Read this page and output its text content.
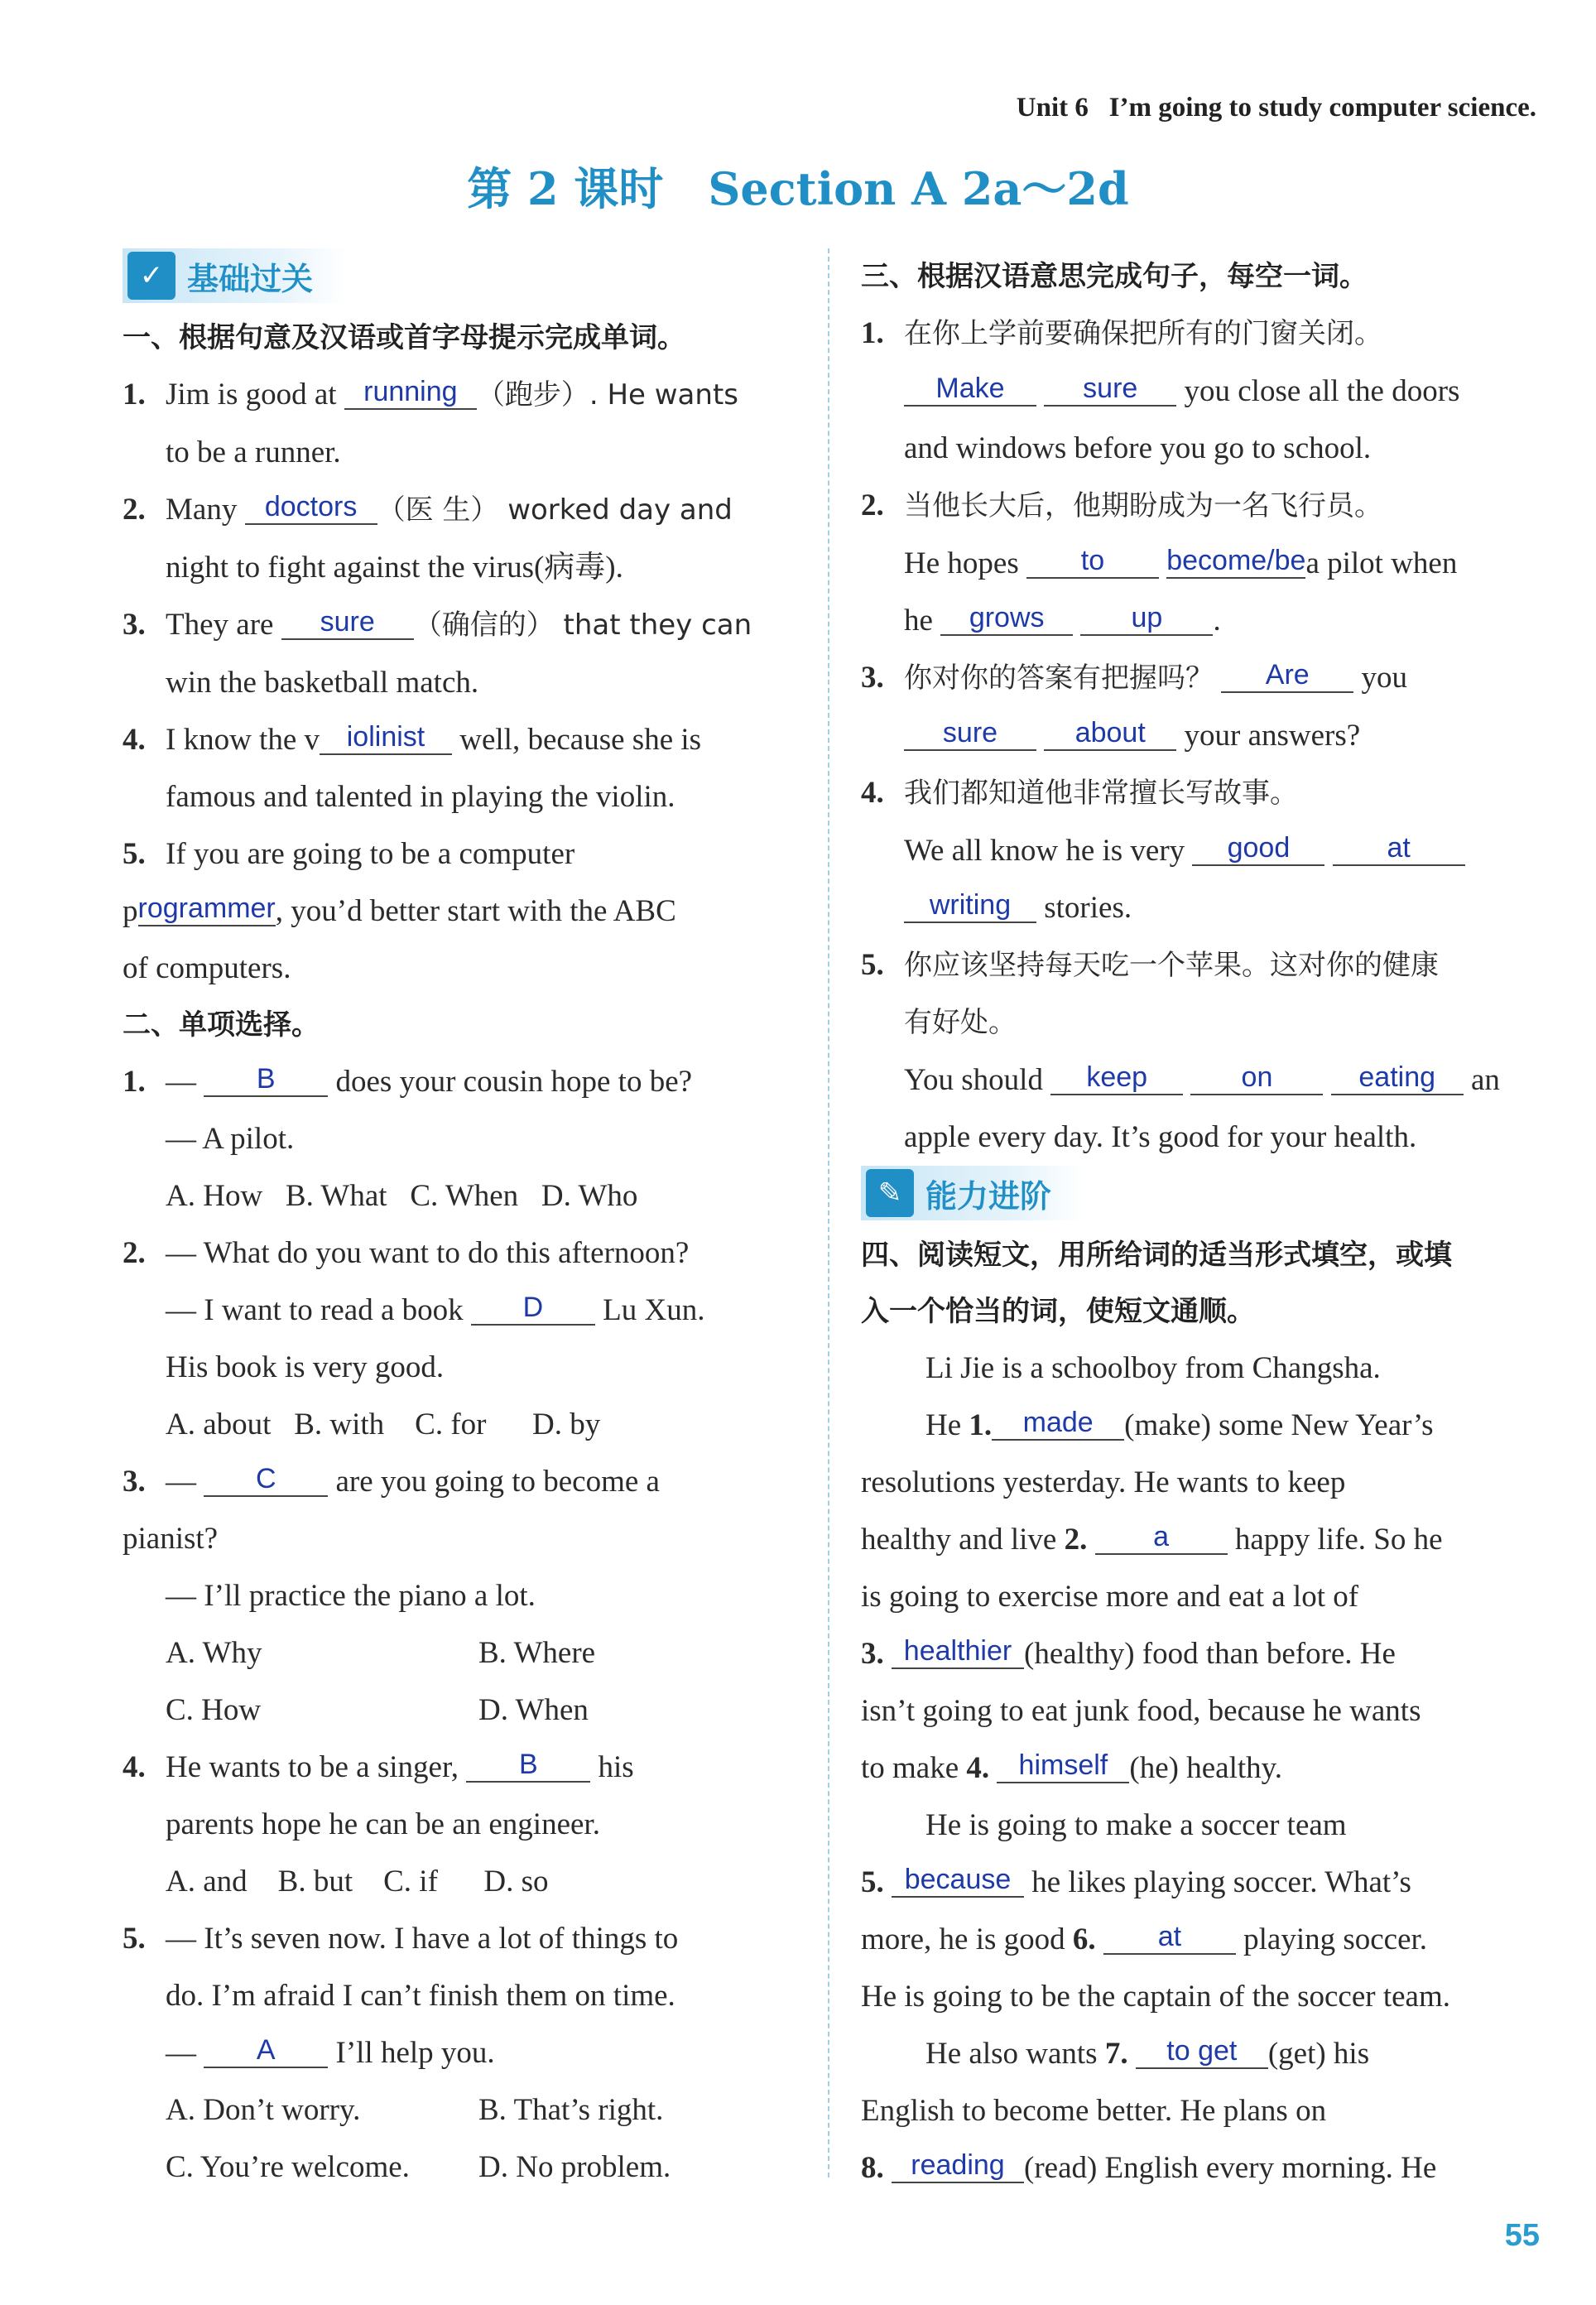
Unit 6 I’m going to study computer science.
第 2 课时　Section A 2a～2d
✓ 基础过关
一、根据句意及汉语或首字母提示完成单词。
1. Jim is good at running （跑步）. He wants
to be a runner.
2. Many doctors （医 生） worked day and
night to fight against the virus(病毒).
3. They are sure （确信的） that they can
win the basketball match.
4. I know the v iolinist well, because she is
famous and talented in playing the violin.
5. If you are going to be a computer
programmer, you’d better start with the ABC
of computers.
二、单项选择。
1. — B does your cousin hope to be?
— A pilot.
A. How B. What C. When D. Who
2. — What do you want to do this afternoon?
— I want to read a book D Lu Xun.
His book is very good.
A. about B. with C. for D. by
3. — C are you going to become a
pianist?
— I’ll practice the piano a lot.
A. Why	B. Where
C. How	D. When
4. He wants to be a singer, B his
parents hope he can be an engineer.
A. and B. but C. if D. so
5. — It’s seven now. I have a lot of things to
do. I’m afraid I can’t finish them on time.
— A I’ll help you.
A. Don’t worry.	B. That’s right.
C. You’re welcome. D. No problem.
三、根据汉语意思完成句子，每空一词。
1. 在你上学前要确保把所有的门窗关闭。
Make	sure you close all the doors
and windows before you go to school.
2. 当他长大后，他期盼成为一名飞行员。
He hopes to become/bea pilot when
he grows	up .
3. 你对你的答案有把握吗？ Are you
sure	about your answers?
4. 我们都知道他非常擅长写故事。
We all know he is very good	at
writing stories.
5. 你应该坚持每天吃一个苹果。这对你的健康
有好处。
You should keep	on	eating an
apple every day. It’s good for your health.
✎ 能力进阶
四、阅读短文，用所给词的适当形式填空，或填
入一个恰当的词，使短文通顺。
Li Jie is a schoolboy from Changsha.
He 1. made (make) some New Year’s
resolutions yesterday. He wants to keep
healthy and live 2. a happy life. So he
is going to exercise more and eat a lot of
3. healthier (healthy) food than before. He
isn’t going to eat junk food, because he wants
to make 4. himself (he) healthy.
He is going to make a soccer team
5. because he likes playing soccer. What’s
more, he is good 6. at playing soccer.
He is going to be the captain of the soccer team.
He also wants 7. to get (get) his
English to become better. He plans on
8. reading (read) English every morning. He
55
